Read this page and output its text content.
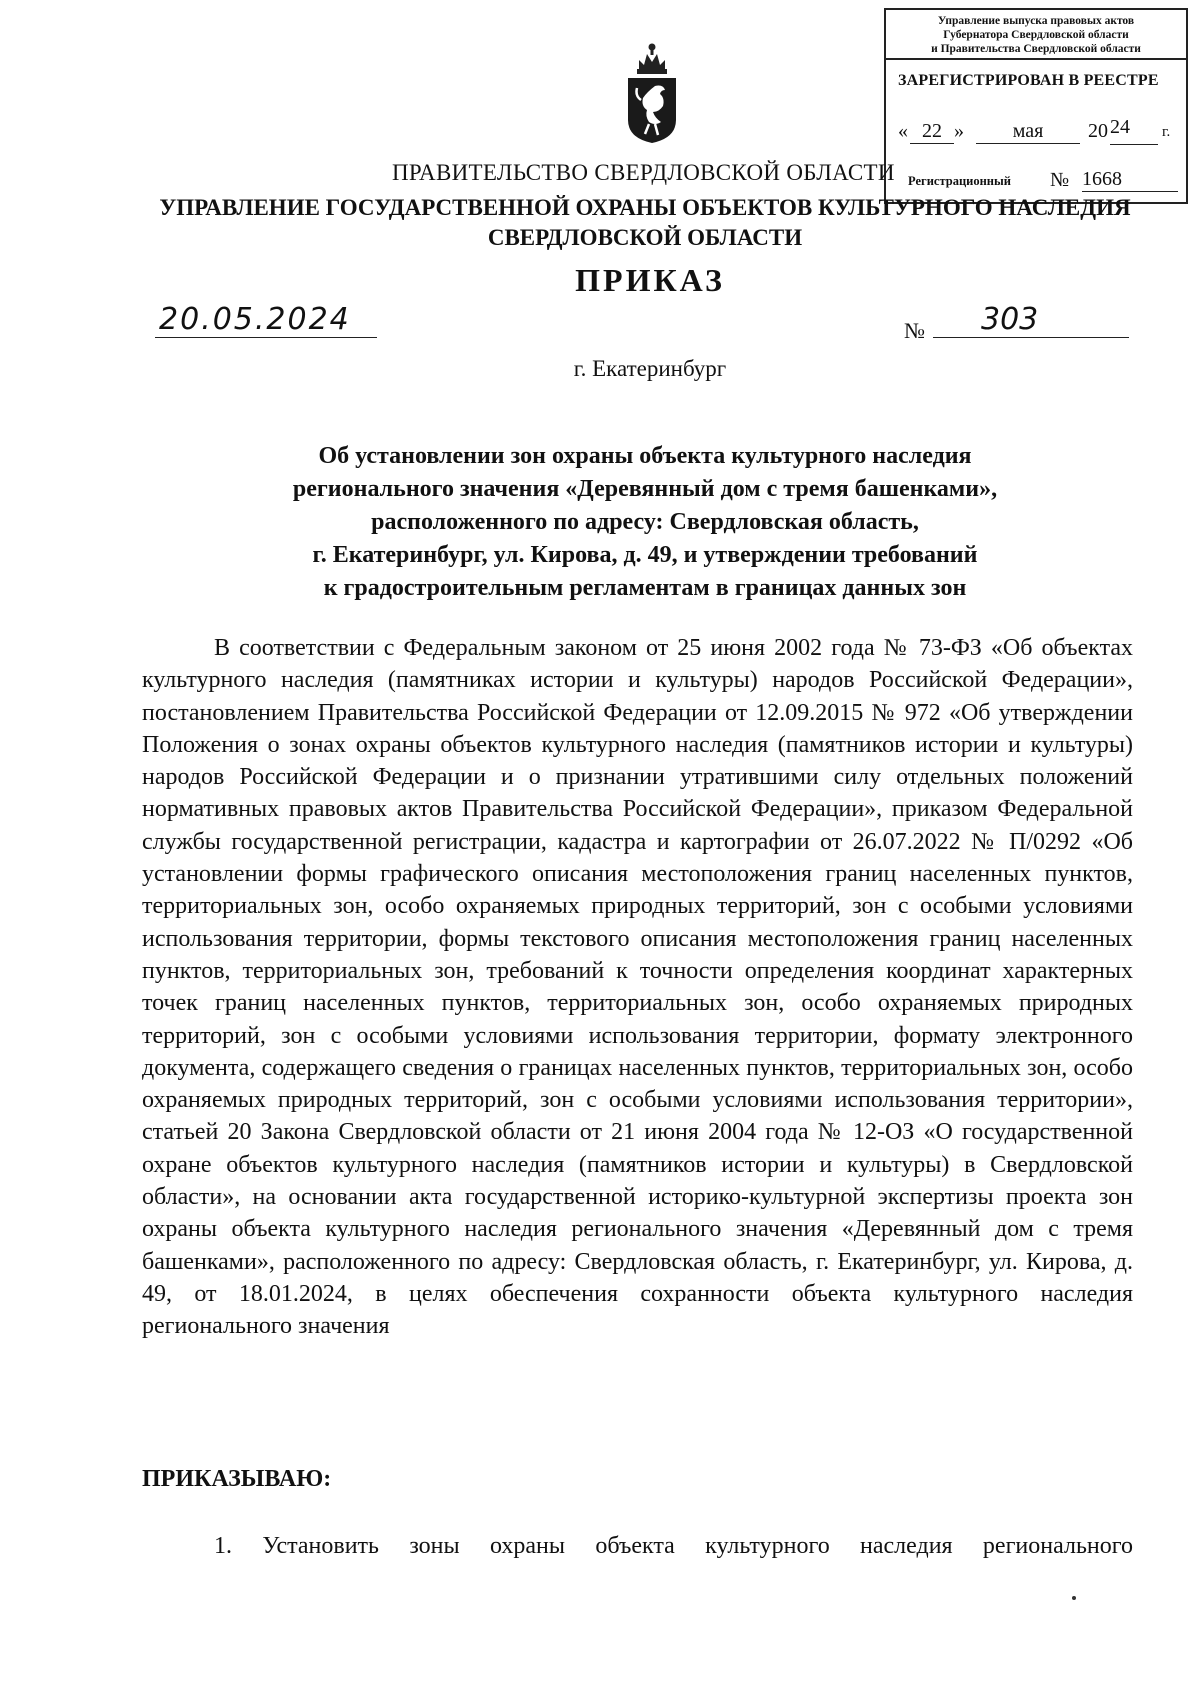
Управление выпуска правовых актов
Губернатора Свердловской области
и Правительства Свердловской области
ЗАРЕГИСТРИРОВАН В РЕЕСТРЕ
« 22 »	мая	20 24	г.
Регистрационный № 1668
ПРАВИТЕЛЬСТВО СВЕРДЛОВСКОЙ ОБЛАСТИ
УПРАВЛЕНИЕ ГОСУДАРСТВЕННОЙ ОХРАНЫ ОБЪЕКТОВ КУЛЬТУРНОГО НАСЛЕДИЯ
СВЕРДЛОВСКОЙ ОБЛАСТИ
ПРИКАЗ
20.05.2024	№	303
г. Екатеринбург
Об установлении зон охраны объекта культурного наследия
регионального значения «Деревянный дом с тремя башенками»,
расположенного по адресу: Свердловская область,
г. Екатеринбург, ул. Кирова, д. 49, и утверждении требований
к градостроительным регламентам в границах данных зон

В соответствии с Федеральным законом от 25 июня 2002 года № 73-ФЗ «Об объектах культурного наследия (памятниках истории и культуры) народов Российской Федерации», постановлением Правительства Российской Федерации от 12.09.2015 № 972 «Об утверждении Положения о зонах охраны объектов культурного наследия (памятников истории и культуры) народов Российской Федерации и о признании утратившими силу отдельных положений нормативных правовых актов Правительства Российской Федерации», приказом Федеральной службы государственной регистрации, кадастра и картографии от 26.07.2022 № П/0292 «Об установлении формы графического описания местоположения границ населенных пунктов, территориальных зон, особо охраняемых природных территорий, зон с особыми условиями использования территории, формы текстового описания местоположения границ населенных пунктов, территориальных зон, требований к точности определения координат характерных точек границ населенных пунктов, территориальных зон, особо охраняемых природных территорий, зон с особыми условиями использования территории, формату электронного документа, содержащего сведения о границах населенных пунктов, территориальных зон, особо охраняемых природных территорий, зон с особыми условиями использования территории», статьей 20 Закона Свердловской области от 21 июня 2004 года № 12-ОЗ «О государственной охране объектов культурного наследия (памятников истории и культуры) в Свердловской области», на основании акта государственной историко-культурной экспертизы проекта зон охраны объекта культурного наследия регионального значения «Деревянный дом с тремя башенками», расположенного по адресу: Свердловская область, г. Екатеринбург, ул. Кирова, д. 49, от 18.01.2024, в целях обеспечения сохранности объекта культурного наследия регионального значения

ПРИКАЗЫВАЮ:
1. Установить зоны охраны объекта культурного наследия регионального
